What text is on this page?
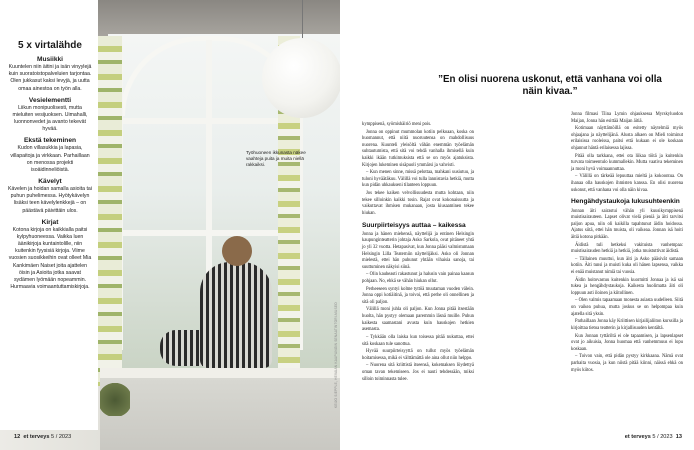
Työhuoneen ikkunasta näkee vaahteja puita ja muita niellä rakkaiksi.
KEIJO SIEPPLE, HEVAIAN KAUPUNGIN SENAATINTORI-MUSEO
5 x virtalähde
Musiikki
Kuuntelen niin äitini ja isän vinyylejä kuin suoratoistopalveluien tarjontaa. Olen jukkasut kaksi levyjä, ja uutta omaa ainestoa on työn alla.
Vesielementti
Liikun monipuolisesti, mutta mieluiten vesijuoksen. Uimahalli, luonnonvedet ja avanto tekevät hyvää.
Ekstä tekeminen
Kudon villasukkia ja lapasia, villapaitoja ja virkkaan. Parhaillaan on menossa projekti isoäidinneliöistä.
Kävelyt
Kävelen ja hoidan samalla asioita tai puhun puhelimessa. Hyötykävelyn lisäksi teen kävelylenkkejä – on päästävä päivittäin ulos.
Kirjat
Kotona kirjoja on kaikkialla paitsi kylpyhuoneessa. Vaikka luen äänikirjoja kuntaintolille, niin kuitenkin fyysisiä kirjoja. Viime vuosien suosikkeihin ovat olleet Mia Kankimäen Naiset joita ajattelen öisin ja Asioita jotka saavat sydämen lyömään nopeammin. Hurmaavia voimaantuttamiskirjoja.
12 et terveys 5 / 2023	et terveys 5 / 2023 13
”En olisi nuorena uskonut, että vanhana voi olla näin kivaa.”

kymppisenä, syömishäiriö meni pois.

Jonna on oppinut mummolan kotiin pelkoaan, koska on huomannut, että niitä nuoruutensa on mahdollisuus nuorena. Kuunteli yleisöltä vähän enemmän työelämän suhtautumista, että sitä voi tehdä vanhalla ihmisellä kuin kaikki ikään tutkimuksista että se on myös ajatuksista. Kirjojen lukeminen sisäpuoli ymmärsi ja vahvisti.

– Kun menen sinne, missä pelottaa, mahkani uusiutuu, ja tuloni hyväätäkuu. Välillä voi tulla lannistavia hetkiä, mutta kun pidän uhkaukseni tilanteen loppuun.

Jos tekee kaiken velvollisuudesta mutta kohtaan, niin tekee silloinkin kaikki tosin. Rajat ovat kokonaisuutta ja vaikuttavat ihmisen mukanaan, josta kiusaaminen tekee hiukan.

Suurpiirteisyys auttaa – kaikessa

Jonna ja hänen miehensä, näyttelijä ja entinen Helsingin kaupunginteatterin johtaja Asko Sarkola, ovat pitäneet yhtä jo yli 32 vuotta. Hetapasivat, kun Jonna pääsi valmistumaan Helsingin Lilla Teaterniin näyttelijäksi. Asko oli Jonnan mielestä, ettei hän puhunut yhtään vihaisia sanoja, tai suuttuminen näkyisi siinä.

– Olin kauheasti rakastunut ja halusin vain painaa kaasun pohjaan. No, ehkä se vähän hiukan ollut.

Perheeseen syntyi kolme tyttöä muutaman vuoden välein. Jonna oppi kotiäitinä, ja toivoi, että perhe oli onnellinen ja sitä oli paljon.

Välillä moni juhla oli paljon. Kun Jonna pitää itsestään huolta, hän pystyy olemaan paremmin läsnä muille. Puhun kaikesta saamastani avusta kuin hauskojen hetkien asemasta.

– Tykkään olla laiska kun toisessa pitää nukuttaa, ettei sitä koskaan tule sanottua.

Hyvää suurpiirteisyyttä on tullut myös työelämän hoitamisessa, mikä ei välttämättä ole aina ollut niin helppo.

– Nuorena sitä kriittistä itseensä, kokemaksen löydettyä oman tavan tekemiseen. Jos ei nauti tehdessään, miksi silloin toiminnasta tulee.

Jonna filmasi Tiina Lymin ohjauksessa Myrskyluodon Maijan, Jonna hän esittää Maijan äitiä.

Kotimaan näyttämöillä on esitetty näytelmiä myös ohjaajana ja näyttelijänä. Alusta alkaen on Mieli toiminut erilaisissa rooleissa, paitsi että kukaan ei ole koskaan ohjannut häntä erilaisessa lajissa.

Pitää olla tarkkana, ettei ota liikaa töitä ja kuitenkin turvata toimeentulo kummallekin. Mutta vaativa tekeminen ja moni hyvä voimaannuttaa.

– Välillä on tärkeää lepuuttaa mieltä ja kokoontua. On ihanaa olla hauskojen ihmisten kanssa. En olisi nuorena uskonut, että vanhana voi olla näin kivaa.

Hengähdystaukoja lukusuhteenkin

Jonnan äiti sairastui vähän yli kuusikymppisenä muistisairauteen. Lapset olivat vielä pieniä ja äiti tarvitsi paljon apua, niin oli kaikilla tapahtunut äidin hoidossa. Ajatus siitä, ettei hän muista, oli vaikeaa. Jonnan isä hoiti äitiä kotona pitkään.

Äidistä tuli hetkeksi vakituista vanhempaa: muistisairauden hetkiä ja hetkiä, jotka muistuttivat äidistä.

– Tällainen muuttui, kun äiti ja Asko pääsivät samaan kotiin. Äiti tunsi ja muisti kuka oli hänen lapsensa, vaikka ei enää muistanut nimiä tai vuosia.

Äidin hoitovastuu kuitenkin kuormitti Jonnaa ja isä sai tukea ja hengähdystaukoja. Kaikesta huolimatta äiti oli loppuun asti iloinen ja kiitollinen.

– Olen valmis tapaamaan monesta asiasta uudelleen. Siitä on vaikea puhua, mutta joskus se on helpompaa kuin ajatella sitä yksin.

Parhaillaan Jonna käy Kriittisen kirjailijaliiton kurssilla ja kirjoittaa tietoa teatterin ja kirjallisuuden kentältä.

Kun Jonnan tyttäriltä ei ole tapaamisen, ja lapsenlapset ovat jo aikuisia, Jonna huomaa että vanhemmuus ei lopu koskaan.

– Toivon vain, että pidän pystyy kirkkaana. Nämä ovat parhaita vuosia, ja kun niistä pitää kiinni, näissä ehkä on myös kiitos.
